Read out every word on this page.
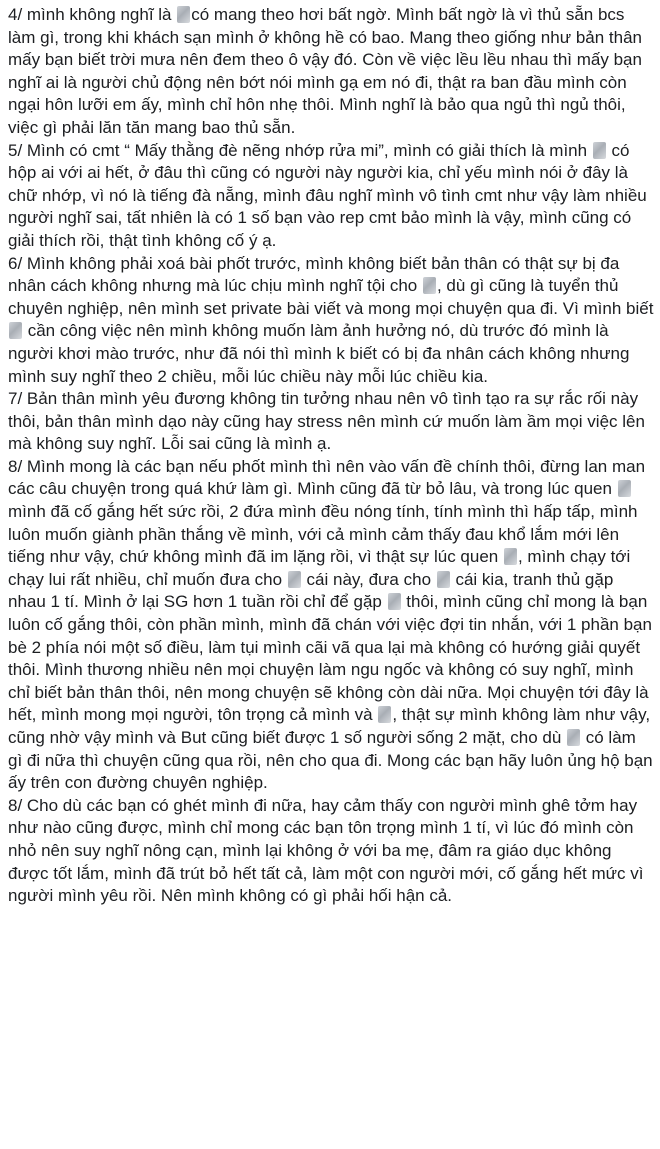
4/ mình không nghĩ là có mang theo hơi bất ngờ. Mình bất ngờ là vì thủ sẵn bcs làm gì, trong khi khách sạn mình ở không hề có bao. Mang theo giống như bản thân mấy bạn biết trời mưa nên đem theo ô vậy đó. Còn về việc lều lều nhau thì mấy bạn nghĩ ai là người chủ động nên bớt nói mình gạ em nó đi, thật ra ban đầu mình còn ngại hôn lưỡi em ấy, mình chỉ hôn nhẹ thôi. Mình nghĩ là bảo qua ngủ thì ngủ thôi, việc gì phải lăn tăn mang bao thủ sẵn.

5/ Mình có cmt “ Mấy thằng đè nẽng nhớp rửa mi”, mình có giải thích là mình  có hộp ai với ai hết, ở đâu thì cũng có người này người kia, chỉ yếu mình nói ở đây là chữ nhớp, vì nó là tiếng đà nẵng, mình đâu nghĩ mình vô tình cmt như vậy làm nhiều người nghĩ sai, tất nhiên là có 1 số bạn vào rep cmt bảo mình là vậy, mình cũng có giải thích rồi, thật tình không cố ý ạ.

6/ Mình không phải xoá bài phốt trước, mình không biết bản thân có thật sự bị đa nhân cách không nhưng mà lúc chịu mình nghĩ tội cho , dù gì cũng là tuyển thủ chuyên nghiệp, nên mình set private bài viết và mong mọi chuyện qua đi. Vì mình biết  cần công việc nên mình không muốn làm ảnh hưởng nó, dù trước đó mình là người khơi mào trước, như đã nói thì mình k biết có bị đa nhân cách không nhưng mình suy nghĩ theo 2 chiều, mỗi lúc chiều này mỗi lúc chiều kia.

7/ Bản thân mình yêu đương không tin tưởng nhau nên vô tình tạo ra sự rắc rối này thôi, bản thân mình dạo này cũng hay stress nên mình cứ muốn làm ầm mọi việc lên mà không suy nghĩ. Lỗi sai cũng là mình ạ.

8/ Mình mong là các bạn nếu phốt mình thì nên vào vấn đề chính thôi, đừng lan man các câu chuyện trong quá khứ làm gì. Mình cũng đã từ bỏ lâu, và trong lúc quen  mình đã cố gắng hết sức rồi, 2 đứa mình đều nóng tính, tính mình thì hấp tấp, mình luôn muốn giành phần thắng về mình, với cả mình cảm thấy đau khổ lắm mới lên tiếng như vậy, chứ không mình đã im lặng rồi, vì thật sự lúc quen , mình chạy tới chạy lui rất nhiều, chỉ muốn đưa cho  cái này, đưa cho  cái kia, tranh thủ gặp nhau 1 tí. Mình ở lại SG hơn 1 tuần rồi chỉ để gặp  thôi, mình cũng chỉ mong là bạn luôn cố gắng thôi, còn phần mình, mình đã chán với việc đợi tin nhắn, với 1 phần bạn bè 2 phía nói một số điều, làm tụi mình cãi vã qua lại mà không có hướng giải quyết thôi. Mình thương nhiều nên mọi chuyện làm ngu ngốc và không có suy nghĩ, mình chỉ biết bản thân thôi, nên mong chuyện sẽ không còn dài nữa. Mọi chuyện tới đây là hết, mình mong mọi người, tôn trọng cả mình và , thật sự mình không làm như vậy, cũng nhờ vậy mình và But cũng biết được 1 số người sống 2 mặt, cho dù  có làm gì đi nữa thì chuyện cũng qua rồi, nên cho qua đi. Mong các bạn hãy luôn ủng hộ bạn ấy trên con đường chuyên nghiệp.

8/ Cho dù các bạn có ghét mình đi nữa, hay cảm thấy con người mình ghê tởm hay như nào cũng được, mình chỉ mong các bạn tôn trọng mình 1 tí, vì lúc đó mình còn nhỏ nên suy nghĩ nông cạn, mình lại không ở với ba mẹ, đâm ra giáo dục không được tốt lắm, mình đã trút bỏ hết tất cả, làm một con người mới, cố gắng hết mức vì người mình yêu rồi. Nên mình không có gì phải hối hận cả.
